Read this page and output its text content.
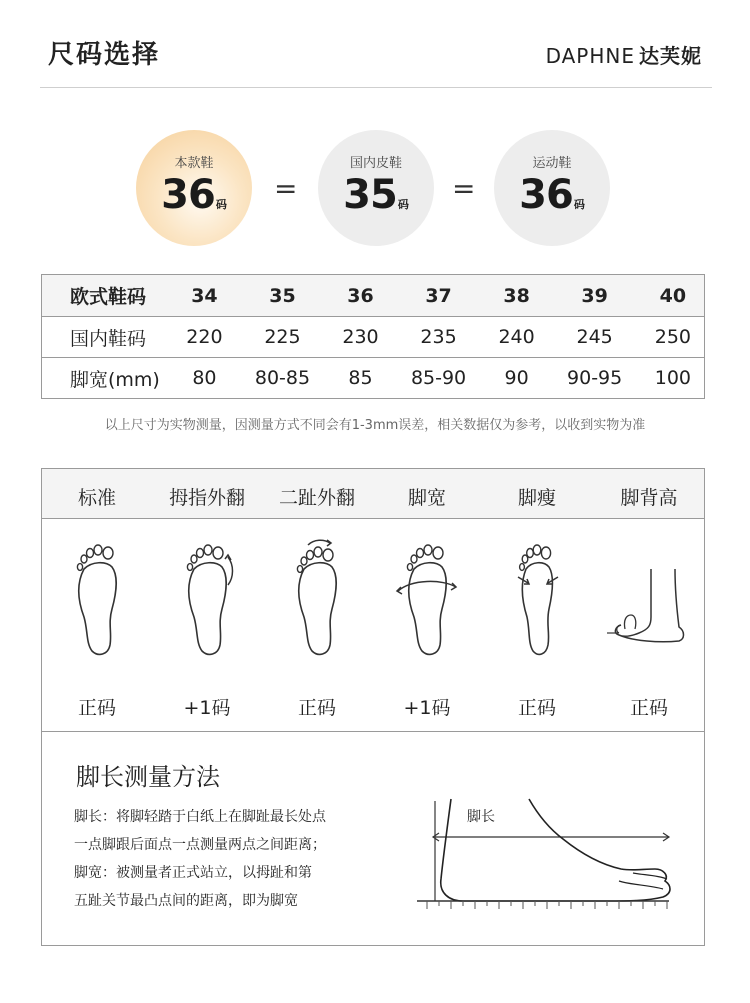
尺码选择	DAPHNE 达芙妮
本款鞋
36码	=
国内皮鞋
35码	=
运动鞋
36码
欧式鞋码	34	35	36	37	38	39	40
国内鞋码	220	225	230	235	240	245	250
脚宽(mm)	80	80-85	85	85-90	90	90-95	100
以上尺寸为实物测量，因测量方式不同会有1-3mm误差，相关数据仅为参考，以收到实物为准
标准	拇指外翻	二趾外翻	脚宽	脚瘦	脚背高
正码	+1码	正码	+1码	正码	正码
脚长测量方法
脚长：将脚轻踏于白纸上在脚趾最长处点
一点脚跟后面点一点测量两点之间距离；
脚宽：被测量者正式站立，以拇趾和第
五趾关节最凸点间的距离，即为脚宽
脚长
